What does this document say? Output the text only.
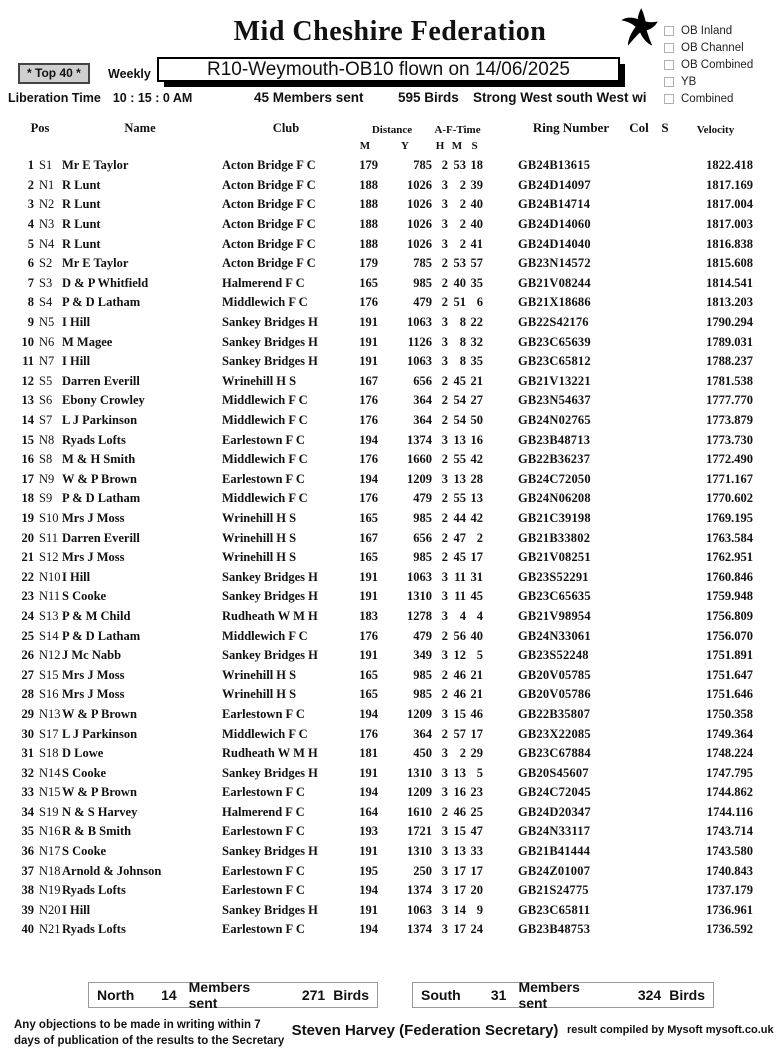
Mid Cheshire Federation	OB Inland
OB Channel
OB Combined
YB
Combined
* Top 40 *	Weekly	R10-Weymouth-OB10 flown on 14/06/2025
Liberation Time 10 : 15 : 0 AM	45 Members sent	595 Birds Strong West south West wi
Pos	Name	Club	Distance	A-F-Time	Ring Number	Col S	Velocity
M	Y	H M S
1 S1 Mr E Taylor	Acton Bridge F C	179	785 2 53 18	GB24B13615	1822.418
2 N1 R Lunt	Acton Bridge F C	188	1026 3 2 39	GB24D14097	1817.169
3 N2 R Lunt	Acton Bridge F C	188	1026 3 2 40	GB24B14714	1817.004
4 N3 R Lunt	Acton Bridge F C	188	1026 3 2 40	GB24D14060	1817.003
5 N4 R Lunt	Acton Bridge F C	188	1026 3 2 41	GB24D14040	1816.838
6 S2 Mr E Taylor	Acton Bridge F C	179	785 2 53 57	GB23N14572	1815.608
7 S3 D & P Whitfield	Halmerend F C	165	985 2 40 35	GB21V08244	1814.541
8 S4 P & D Latham	Middlewich F C	176	479 2 51 6	GB21X18686	1813.203
9 N5 I Hill	Sankey Bridges H	191	1063 3 8 22	GB22S42176	1790.294
10 N6 M Magee	Sankey Bridges H	191	1126 3 8 32	GB23C65639	1789.031
11 N7 I Hill	Sankey Bridges H	191	1063 3 8 35	GB23C65812	1788.237
12 S5 Darren Everill	Wrinehill H S	167	656 2 45 21	GB21V13221	1781.538
13 S6 Ebony Crowley	Middlewich F C	176	364 2 54 27	GB23N54637	1777.770
14 S7 L J Parkinson	Middlewich F C	176	364 2 54 50	GB24N02765	1773.879
15 N8 Ryads Lofts	Earlestown F C	194	1374 3 13 16	GB23B48713	1773.730
16 S8 M & H Smith	Middlewich F C	176	1660 2 55 42	GB22B36237	1772.490
17 N9 W & P Brown	Earlestown F C	194	1209 3 13 28	GB24C72050	1771.167
18 S9 P & D Latham	Middlewich F C	176	479 2 55 13	GB24N06208	1770.602
19 S10 Mrs J Moss	Wrinehill H S	165	985 2 44 42	GB21C39198	1769.195
20 S11 Darren Everill	Wrinehill H S	167	656 2 47 2	GB21B33802	1763.584
21 S12 Mrs J Moss	Wrinehill H S	165	985 2 45 17	GB21V08251	1762.951
22 N10 I Hill	Sankey Bridges H	191	1063 3 11 31	GB23S52291	1760.846
23 N11 S Cooke	Sankey Bridges H	191	1310 3 11 45	GB23C65635	1759.948
24 S13 P & M Child	Rudheath W M H	183	1278 3 4 4	GB21V98954	1756.809
25 S14 P & D Latham	Middlewich F C	176	479 2 56 40	GB24N33061	1756.070
26 N12 J Mc Nabb	Sankey Bridges H	191	349 3 12 5	GB23S52248	1751.891
27 S15 Mrs J Moss	Wrinehill H S	165	985 2 46 21	GB20V05785	1751.647
28 S16 Mrs J Moss	Wrinehill H S	165	985 2 46 21	GB20V05786	1751.646
29 N13 W & P Brown	Earlestown F C	194	1209 3 15 46	GB22B35807	1750.358
30 S17 L J Parkinson	Middlewich F C	176	364 2 57 17	GB23X22085	1749.364
31 S18 D Lowe	Rudheath W M H	181	450 3 2 29	GB23C67884	1748.224
32 N14 S Cooke	Sankey Bridges H	191	1310 3 13 5	GB20S45607	1747.795
33 N15 W & P Brown	Earlestown F C	194	1209 3 16 23	GB24C72045	1744.862
34 S19 N & S Harvey	Halmerend F C	164	1610 2 46 25	GB24D20347	1744.116
35 N16 R & B Smith	Earlestown F C	193	1721 3 15 47	GB24N33117	1743.714
36 N17 S Cooke	Sankey Bridges H	191	1310 3 13 33	GB21B41444	1743.580
37 N18 Arnold & Johnson	Earlestown F C	195	250 3 17 17	GB24Z01007	1740.843
38 N19 Ryads Lofts	Earlestown F C	194	1374 3 17 20	GB21S24775	1737.179
39 N20 I Hill	Sankey Bridges H	191	1063 3 14 9	GB23C65811	1736.961
40 N21 Ryads Lofts	Earlestown F C	194	1374 3 17 24	GB23B48753	1736.592
North	14 Members sent	271 Birds	South	31 Members sent	324 Birds
Any objections to be made in writing within 7
days of publication of the results to the Secretary
Steven Harvey (Federation Secretary) result compiled by Mysoft mysoft.co.uk
